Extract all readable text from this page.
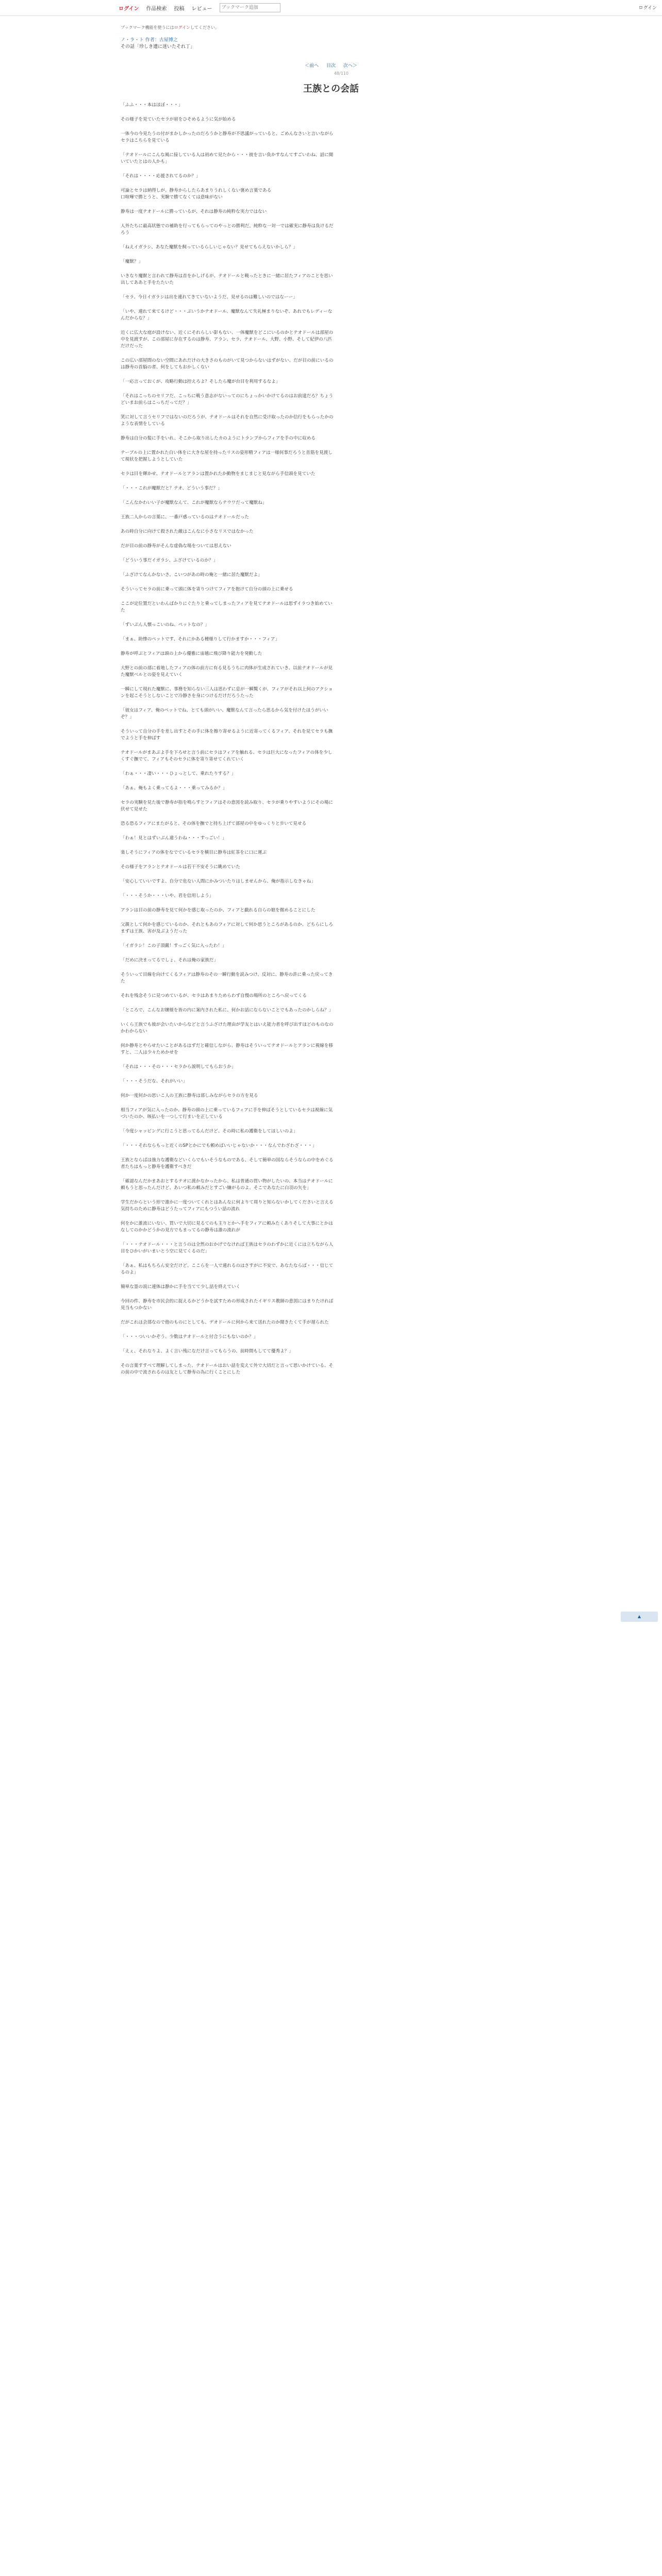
ログイン 作品検索 投稿 レビュー
ブックマーク追加	ログイン
ブックマーク機能を使うにはログインしてください。
ノ・ラ・ト 作者：古屋博之
その話「珍しき遭に迷いたそれ丁」
＜前へ 目次 次へ＞
48/110
王族との会話

「ふふ・・・本はほぼ・・・」

その様子を見ていたセラが眉をひそめるように気が始める

一体今の今見たうの付がまかしかったのだろうかと静寿が不思議がっていると、ごめんなさいと言いながらセラはこちらを見ている

「テオドールにこんな風に接している人は初めて見たから・・・彼を言い負かすなんてすごいわね、話に聞いていたとはの人かも」

「それは・・・・応援されてるのか？」

可論とセラは納得しが、静寿からしたらあまりうれしくない褒め言葉である
口喧嘩で勝とうと、実験で勝てなくては意味がない

静寿は一度テオドールに勝っているが、それは静寿の純粋な実力ではない

人外たちに最高状態での補助を行ってもらってのやっとの勝利だ。純粋な一対一では確実に静寿は負けるだろう

「ねえイガラシ、あなた魔獣を飼っているらしいじゃない？見せてもらえないかしら？」

「魔獣？」

いきなり魔獣と言われて静寿は首をかしげるが、テオドールと戦ったときに一緒に居たフィアのことを思い出してああと手をたたいた

「セラ、今日イガラシは出を連れてきていないようだ、見せるのは難しいのではなーー」

「いや、連れて来てるけど・・・ぶいうかテオドール、魔獣なんて失礼極まりないぞ、あれでもレディーなんだからな？」

近くに広大な庭が設けない、近くにそれらしい影もない、一体魔獣をどこにいるのかとテオドールは部屋の中を見渡すが、この部屋に存在するのは静寿、アラン、セラ、テオドール、大野、小野、そして紀伊の八匹だけだった

この広い部屋間のない空間にあれだけの大きさのものがいて見つからないはずがない、だが目の前にいるのは静寿の首脳の者、何をしてもおかしくない

「一応言っておくが、攻略行動は控えろよ？そしたら魔が台目を利用するなよ」

「それはこっちのセリフだ、こっちに戦う意志がないってのにちょっかいかけてるのはお前達だろ？ちょうどいまお前らはこっちだってだ？」

笑に対して言うセリフではないのだろうが、テオドールはそれを自然に受け取ったのか信行をもらったかのような表情をしている

静寿は自分の髪に手をいれ、そこから取り出したカのようにトランプからフィアを手の中に収める

テーブルの上に置かれた白い体をに大きな屋を持ったリスの姿形精フィアは一様何事だろうと首筋を見渡して現状を把握しようとしていた

セラは目を輝かせ、テオドールとアランは置かれたか動物をまじまじと見ながら手信頭を見ていた

「・・・これが魔獣だと？テオ、どういう事だ？」

「こんなかわいい子が魔獣なんて、これが魔獣ならテウワだって魔獣ね」

王族二人からの言葉に、一番戸惑っているのはテオドールだった

あの時自分に向けて殺された敵はこんなに小さなリスではなかった

だが目の前の静寿がそんな虚偽な場をついては思えない

「どういう事だイガラシ、ふざけているのか？」

「ふざけてなんかないさ、こいつがあの時の俺と一緒に居た魔獣だよ」

そういってセラの前に乗って頭に体を寄りつけてフィアを抱けて自分の頭の上に乗せる

ここが定位置だといわんばかりにぐたりと乗ってしまったフィアを見てテオドールは思ずイラつき始めていた

「ずいぶん人懐っこいのね、ペットなの？」

「まぁ、助惨のペットです、それにかある種様りして行かますか・・・フィア」

静寿が呼ぶとフィアは頭の上から優雅に宙越に飛び降り能力を発動した

大野との前の部に着地したフィアの体の前方に有る見るうちに肉体が生成されていき、以前テオドールが見た魔獣ベルとの姿を見えていく

一瞬にして現れた魔獣に、事務を知らない三人は思わずに息が一瞬驚くが、フィアがそれ以上何のアクションを起こそうとしないことで冷静さを身につけるだけだろうたった

「彼女はフィア、俺のペットでね、とても頭がいい、魔獣なんて言ったら思るから気を付けたほうがいいぞ？」

そういって自分の手を差し出すとその手に体を擦り寄せるように近寄ってくるフィア、それを見てセラも撫でようと手を伸ばす

テオドールがまあぶよ手を下ろせと言う前にセラはフィアを触れる、セラは巨大になったフィアの体を少しくすぐ撫でて、フィアもそのセラに体を寄り寄せてくれていく

「わぁ・・・凄い・・・ひょっとして、乗れたりする？」

「あぁ、俺もよく乗ってるよ・・・乗ってみるか？」

セラの実験を見た後で静寿が指を鳴らすとフィアはその意図を読み取り、セラが乗りやすいようにその場に伏せて見せた

恐る恐るフィアにまたがると、その体を撫でと持ち上げて部屋の中をゆっくりと歩いて見せる

「わぁ！見とはずいぶん違うわね・・・すっごい！」

楽しそうにフィアの体をなでているセラを横目に静寿は紅茶をに口に運ぶ

その様子をアランとテオドールは若干不安そうに眺めていた

「安心していいですよ、自分で危ない人間にかみついたりはしませんから、俺が指示しなきゃね」

「・・・そうか・・・いや、君を信用しよう」

アランは目の前の静寿を見て何かを感じ取ったのか、フィアと戯れる自らの娘を微めることにした

父親として何かを感じているのか、それともあのフィアに対して何か思うところがあるのか、どちらにしろまずは王族、害が及ぶようだった

「イガラシ！この子頂戴！すっごく気に入ったわ！」

「だめに決まってるでしょ、それは俺の家族だ」

そういって目線を向けてくるフィアは静寿のその一瞬行動を読みつけ、反対に、静寿の許に乗った戻ってきた

それを残念そうに見つめているが、セラはあまりためらわず自慢の場所のところへ戻ってくる

「ところで、こんなお嬢様を皆の内に案内された私に、何かお話にならないことでもあったのかしらね？」

いくら王族でも彼が会いたいからなどと言うふざけた理由が学友とはいえ能力者を呼び出すほどのものなのかわからない

何か静寿とやらせたいことがあるはずだと確信しながら、静寿はそういってテオドールとアランに視線を移すと、二人は少々ためかせを

「それは・・・その・・・セラから説明してもらおうか」

「・・・そうだな、それがいい」

何か一度何かの思いこ人の王族に静寿は部しみながらセラの方を見る

相当フィアが気に入ったのか、静寿の頭の上に乗っているフィアに手を伸ばそうとしているセラは視線に気づいたのか、咳払いを一つして行まいを正している

「今度シャッピングに行こうと思ってるんだけど、その時に私の護衛をしてほしいのよ」

「・・・それならもっと近くのSPとかにでも頼めばいいじゃないか・・・なんでわざわざ・・・」

王族とならばは強力な護衛などいくらでもいそうなものである、そして簡単の国ならそうならの中をめぐる者たちはもっと静寿を護衛すべきだ

「確認なんだかまあおとするテオに渡かなかったから、私は普通の買い物がしたいの、本当はテオドールに頼もうと思ったんだけど、あいつ私の頼みだとすごい嫌がるのよ、そこであなたに白羽の矢を」

学生だからという形で誰かに一度ついてくれとはあんなに何よりて周りと知らないかしてくださいと言える気持ちのために静寿はどうたってフィアにもつうい話の流れ

何をかに誰流にいない、買いで大切に見るてのも主りとかへ手をフィアに頼みたくありそして大事にとかはなしてのかかどうかの見方でもまってるの静寿は誰の流れが

「・・・テオドール・・・と言うのは全然のおかげでなければ王族はセラのわずかに近くには立ちながら人目をひかいがいまいとう空に見てくるのだ」

「あぁ、私はもちろん安全だけど、ここらを一人で連れるのはさすがに不安で、あなたならば・・・信じてるのよ」

簡単な霊の説に連体は静かに手を当てて少し話を終えていく

今回の件、静寿を市民会的に捉えるかどうかを試すための形成されたイギリス教師の意図にはまりたければ見当もつかない

だがこれは会部なので他のものにとしても、デオドールに何から来て送れたのか聞きたくて手が遅られた

「・・・ついいかぞう、少数はテオドールと付合うにもないのか？」

「えぇ、それなりよ、よく言い残になだけ言ってもらうの、前時間もしてて優秀よ？」

その言葉すすべて理解してしまった、テオドールはおい話を変えて外で大切だと言って思いかけている、その前の中で流されるのは友として静寿の為に行くことにした

▲
